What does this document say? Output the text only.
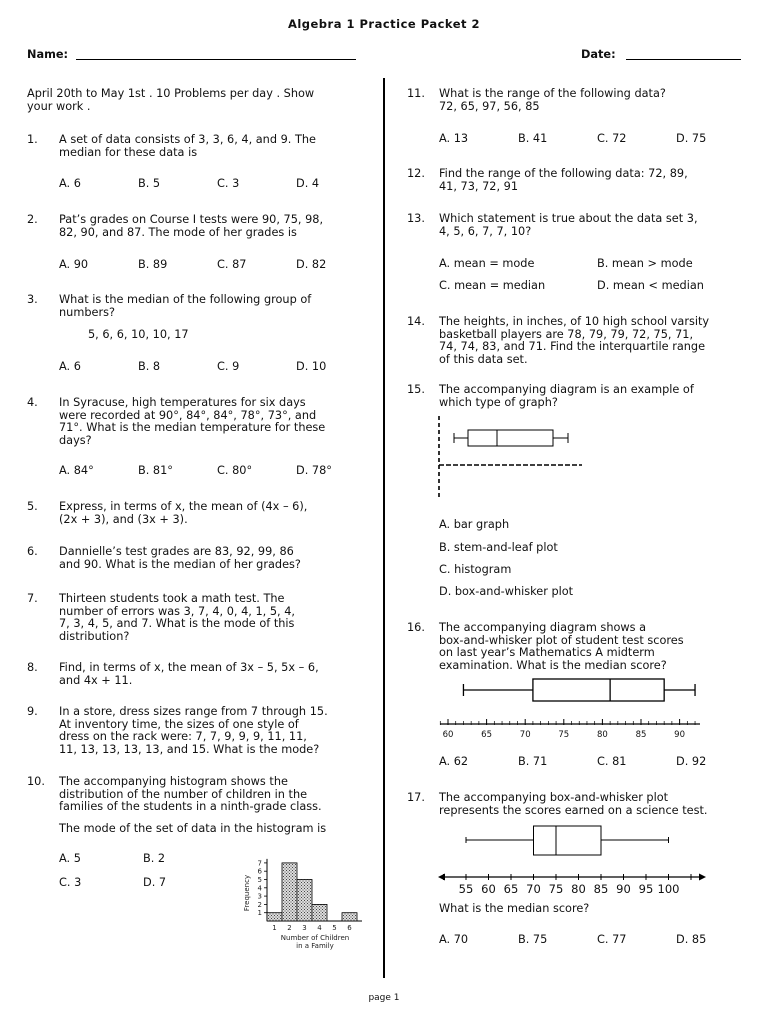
Algebra 1 Practice Packet 2
Name:	Date:
April 20th to May 1st . 10 Problems per day . Show
your work .
1.	A set of data consists of 3, 3, 6, 4, and 9. The
median for these data is
A. 6	B. 5	C. 3	D. 4
2.	Pat’s grades on Course I tests were 90, 75, 98,
82, 90, and 87. The mode of her grades is
A. 90	B. 89	C. 87	D. 82
3.	What is the median of the following group of
numbers?
5, 6, 6, 10, 10, 17
A. 6	B. 8	C. 9	D. 10
4.	In Syracuse, high temperatures for six days
were recorded at 90°, 84°, 84°, 78°, 73°, and
71°. What is the median temperature for these
days?
A. 84°	B. 81°	C. 80°	D. 78°
5.	Express, in terms of x, the mean of (4x – 6),
(2x + 3), and (3x + 3).
6.	Dannielle’s test grades are 83, 92, 99, 86
and 90. What is the median of her grades?
7.	Thirteen students took a math test. The
number of errors was 3, 7, 4, 0, 4, 1, 5, 4,
7, 3, 4, 5, and 7. What is the mode of this
distribution?
8.	Find, in terms of x, the mean of 3x – 5, 5x – 6,
and 4x + 11.
9.	In a store, dress sizes range from 7 through 15.
At inventory time, the sizes of one style of
dress on the rack were: 7, 7, 9, 9, 9, 11, 11,
11, 13, 13, 13, 13, and 15. What is the mode?
10.	The accompanying histogram shows the
distribution of the number of children in the
families of the students in a ninth-grade class.
The mode of the set of data in the histogram is
A. 5	B. 2
C. 3	D. 7
1
2
3
4
5
6
7
1 2 3 4 5 6
Frequency
Number of Children
in a Family
11.	What is the range of the following data?
72, 65, 97, 56, 85
A. 13	B. 41	C. 72	D. 75
12.	Find the range of the following data: 72, 89,
41, 73, 72, 91
13.	Which statement is true about the data set 3,
4, 5, 6, 7, 7, 10?
A. mean = mode	B. mean > mode
C. mean = median	D. mean < median
14.	The heights, in inches, of 10 high school varsity
basketball players are 78, 79, 79, 72, 75, 71,
74, 74, 83, and 71. Find the interquartile range
of this data set.
15.	The accompanying diagram is an example of
which type of graph?
A. bar graph
B. stem-and-leaf plot
C. histogram
D. box-and-whisker plot
16.	The accompanying diagram shows a
box-and-whisker plot of student test scores
on last year’s Mathematics A midterm
examination. What is the median score?
60	65	70	75	80	85	90
A. 62	B. 71	C. 81	D. 92
17.	The accompanying box-and-whisker plot
represents the scores earned on a science test.
55 60 65 70 75 80 85 90 95 100
What is the median score?
A. 70	B. 75	C. 77	D. 85
page 1
